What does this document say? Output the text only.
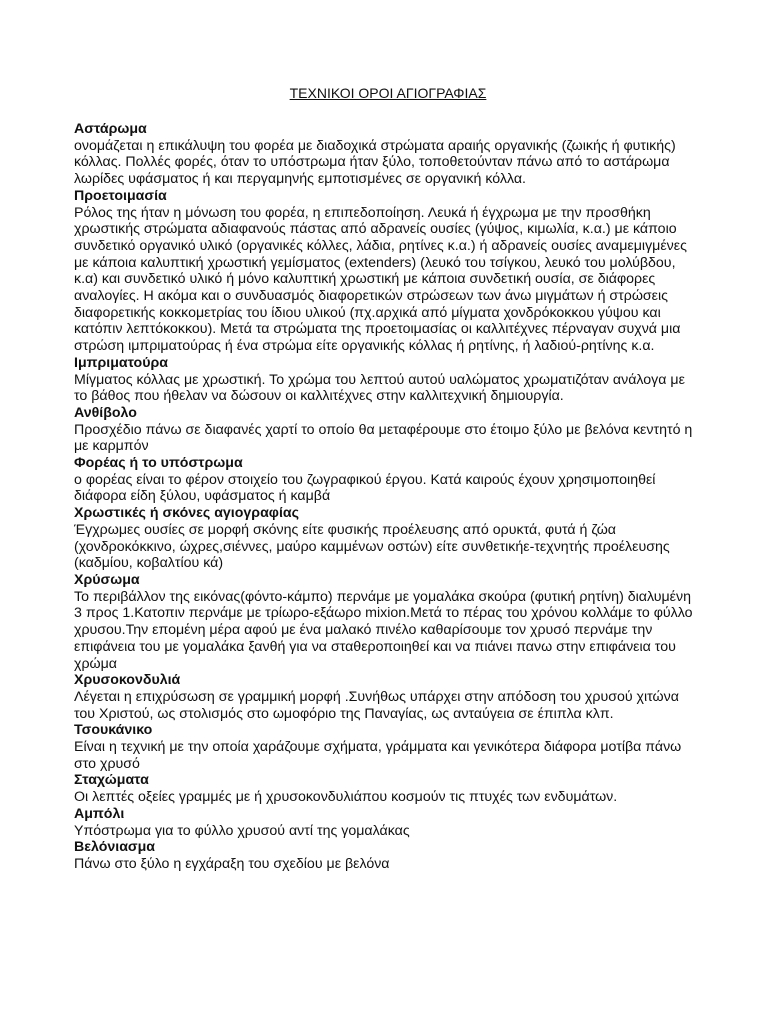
ΤΕΧΝΙΚΟΙ ΟΡΟΙ ΑΓΙΟΓΡΑΦΙΑΣ

Αστάρωμα

ονομάζεται η επικάλυψη του φορέα με διαδοχικά στρώματα αραιής οργανικής (ζωικής ή φυτικής) κόλλας. Πολλές φορές, όταν το υπόστρωμα ήταν ξύλο, τοποθετούνταν πάνω από το αστάρωμα λωρίδες υφάσματος ή και περγαμηνής εμποτισμένες σε οργανική κόλλα.

Προετοιμασία

Ρόλος της ήταν η μόνωση του φορέα, η επιπεδοποίηση. Λευκά ή έγχρωμα με την προσθήκη χρωστικής στρώματα αδιαφανούς πάστας από αδρανείς ουσίες (γύψος, κιμωλία, κ.α.) με κάποιο συνδετικό οργανικό υλικό (οργανικές κόλλες, λάδια, ρητίνες κ.α.) ή αδρανείς ουσίες αναμεμιγμένες με κάποια καλυπτική χρωστική γεμίσματος (extenders) (λευκό του τσίγκου, λευκό του μολύβδου, κ.α) και συνδετικό υλικό ή μόνο καλυπτική χρωστική με κάποια συνδετική ουσία, σε διάφορες αναλογίες. Η ακόμα και ο συνδυασμός διαφορετικών στρώσεων των άνω μιγμάτων ή στρώσεις διαφορετικής κοκκομετρίας του ίδιου υλικού (πχ.αρχικά από μίγματα χονδρόκοκκου γύψου και κατόπιν λεπτόκοκκου). Μετά τα στρώματα της προετοιμασίας οι καλλιτέχνες πέρναγαν συχνά μια στρώση ιμπριματούρας ή ένα στρώμα είτε οργανικής κόλλας ή ρητίνης, ή λαδιού-ρητίνης κ.α.

Ιμπριματούρα

Μίγματος κόλλας με χρωστική. Το χρώμα του λεπτού αυτού υαλώματος χρωματιζόταν ανάλογα με το βάθος που ήθελαν να δώσουν οι καλλιτέχνες στην καλλιτεχνική δημιουργία.

Ανθίβολο

Προσχέδιο πάνω σε διαφανές χαρτί το οποίο θα μεταφέρουμε στο έτοιμο ξύλο με βελόνα κεντητό η με καρμπόν

Φορέας ή το υπόστρωμα

ο φορέας είναι το φέρον στοιχείο του ζωγραφικού έργου. Κατά καιρούς έχουν χρησιμοποιηθεί διάφορα είδη ξύλου, υφάσματος ή καμβά

Χρωστικές ή σκόνες αγιογραφίας

Έγχρωμες ουσίες σε μορφή σκόνης είτε φυσικής προέλευσης από ορυκτά, φυτά ή ζώα (χονδροκόκκινο, ώχρες,σιέννες, μαύρο καμμένων οστών) είτε συνθετικήε-τεχνητής προέλευσης (καδμίου, κοβαλτίου κά)

Χρύσωμα

Το περιβάλλον της εικόνας(φόντο-κάμπο) περνάμε με γομαλάκα σκούρα (φυτική ρητίνη) διαλυμένη 3 προς 1.Κατοπιν περνάμε με τρίωρο-εξάωρο mixion.Μετά το πέρας του χρόνου κολλάμε το φύλλο χρυσου.Την επομένη μέρα αφού με ένα μαλακό πινέλο καθαρίσουμε τον χρυσό περνάμε την επιφάνεια του με γομαλάκα ξανθή για να σταθεροποιηθεί και να πιάνει πανω στην επιφάνεια του χρώμα

Χρυσοκονδυλιά

Λέγεται η επιχρύσωση σε γραμμική μορφή .Συνήθως υπάρχει στην απόδοση του χρυσού χιτώνα του Χριστού, ως στολισμός στο ωμοφόριο της Παναγίας, ως ανταύγεια σε έπιπλα κλπ.

Τσουκάνικο

Είναι η τεχνική με την οποία χαράζουμε σχήματα, γράμματα και γενικότερα διάφορα μοτίβα πάνω στο χρυσό

Σταχώματα

Οι λεπτές οξείες γραμμές με ή χρυσοκονδυλιάπου κοσμούν τις πτυχές των ενδυμάτων.

Αμπόλι

Υπόστρωμα για το φύλλο χρυσού αντί της γομαλάκας

Βελόνιασμα

Πάνω στο ξύλο η εγχάραξη του σχεδίου με βελόνα
